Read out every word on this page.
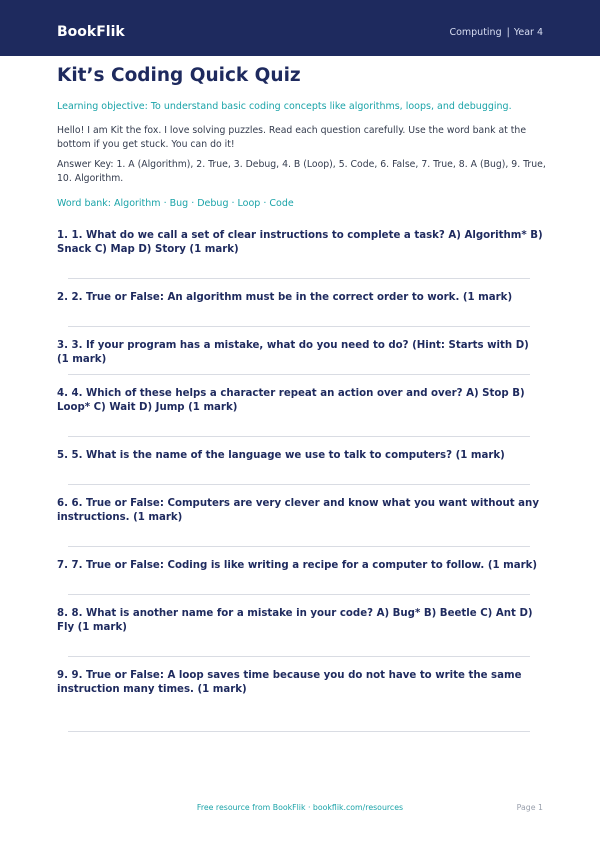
BookFlik	Computing | Year 4
Kit’s Coding Quick Quiz

Learning objective: To understand basic coding concepts like algorithms, loops, and debugging.

Hello! I am Kit the fox. I love solving puzzles. Read each question carefully. Use the word bank at the bottom if you get stuck. You can do it!

Answer Key: 1. A (Algorithm), 2. True, 3. Debug, 4. B (Loop), 5. Code, 6. False, 7. True, 8. A (Bug), 9. True, 10. Algorithm.

Word bank: Algorithm · Bug · Debug · Loop · Code

1. 1. What do we call a set of clear instructions to complete a task? A) Algorithm* B) Snack C) Map D) Story (1 mark)

2. 2. True or False: An algorithm must be in the correct order to work. (1 mark)

3. 3. If your program has a mistake, what do you need to do? (Hint: Starts with D) (1 mark)

4. 4. Which of these helps a character repeat an action over and over? A) Stop B) Loop* C) Wait D) Jump (1 mark)

5. 5. What is the name of the language we use to talk to computers? (1 mark)

6. 6. True or False: Computers are very clever and know what you want without any instructions. (1 mark)

7. 7. True or False: Coding is like writing a recipe for a computer to follow. (1 mark)

8. 8. What is another name for a mistake in your code? A) Bug* B) Beetle C) Ant D) Fly (1 mark)

9. 9. True or False: A loop saves time because you do not have to write the same instruction many times. (1 mark)

Free resource from BookFlik · bookflik.com/resources	Page 1
